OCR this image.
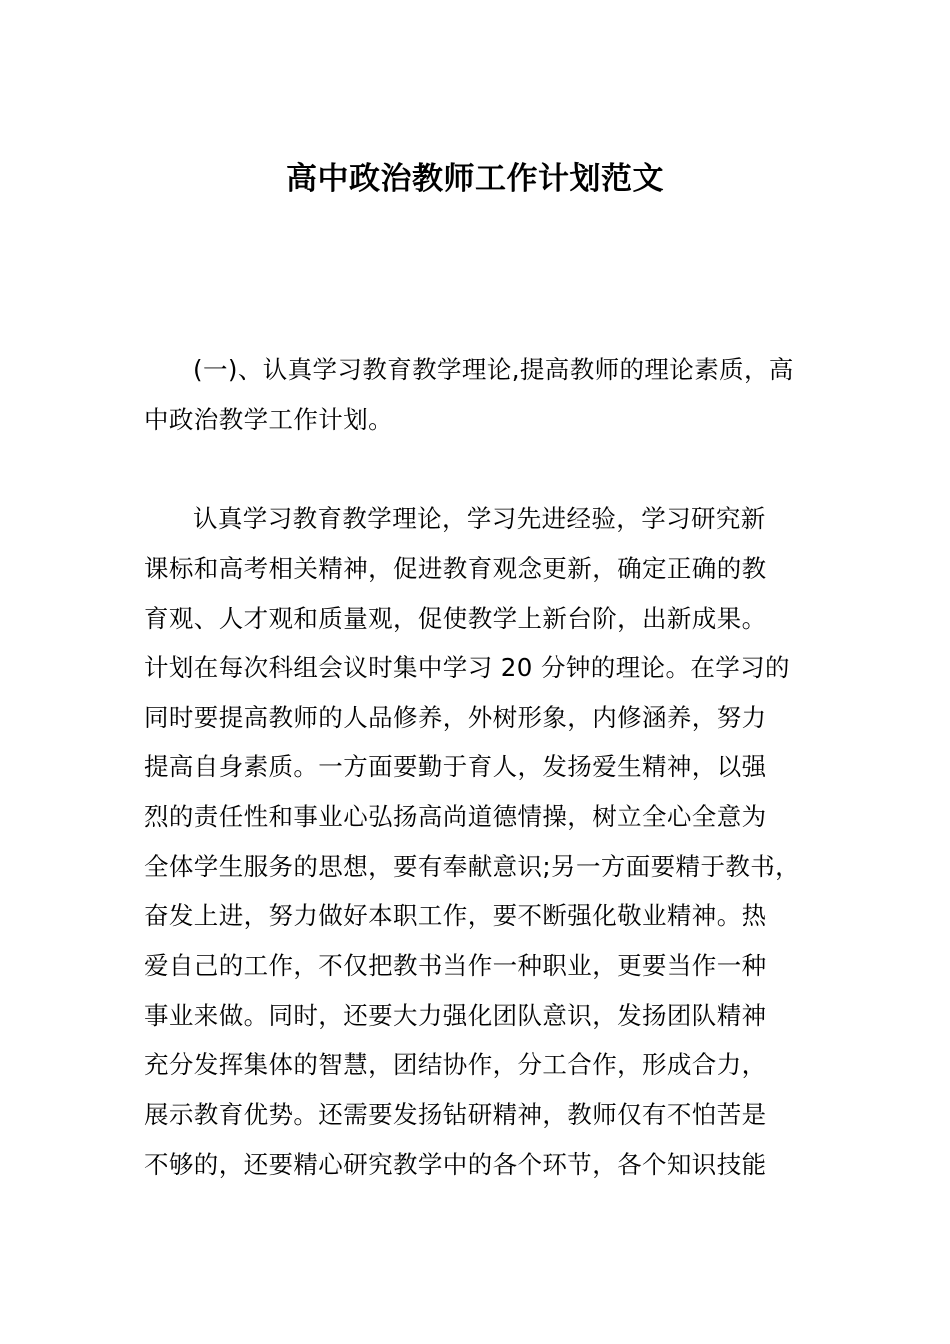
高中政治教师工作计划范文
(一)、认真学习教育教学理论,提高教师的理论素质，高
中政治教学工作计划。
认真学习教育教学理论，学习先进经验，学习研究新
课标和高考相关精神，促进教育观念更新，确定正确的教
育观、人才观和质量观，促使教学上新台阶，出新成果。
计划在每次科组会议时集中学习 20 分钟的理论。在学习的
同时要提高教师的人品修养，外树形象，内修涵养，努力
提高自身素质。一方面要勤于育人，发扬爱生精神，以强
烈的责任性和事业心弘扬高尚道德情操，树立全心全意为
全体学生服务的思想，要有奉献意识;另一方面要精于教书，
奋发上进，努力做好本职工作，要不断强化敬业精神。热
爱自己的工作，不仅把教书当作一种职业，更要当作一种
事业来做。同时，还要大力强化团队意识，发扬团队精神
充分发挥集体的智慧，团结协作，分工合作，形成合力，
展示教育优势。还需要发扬钻研精神，教师仅有不怕苦是
不够的，还要精心研究教学中的各个环节，各个知识技能
